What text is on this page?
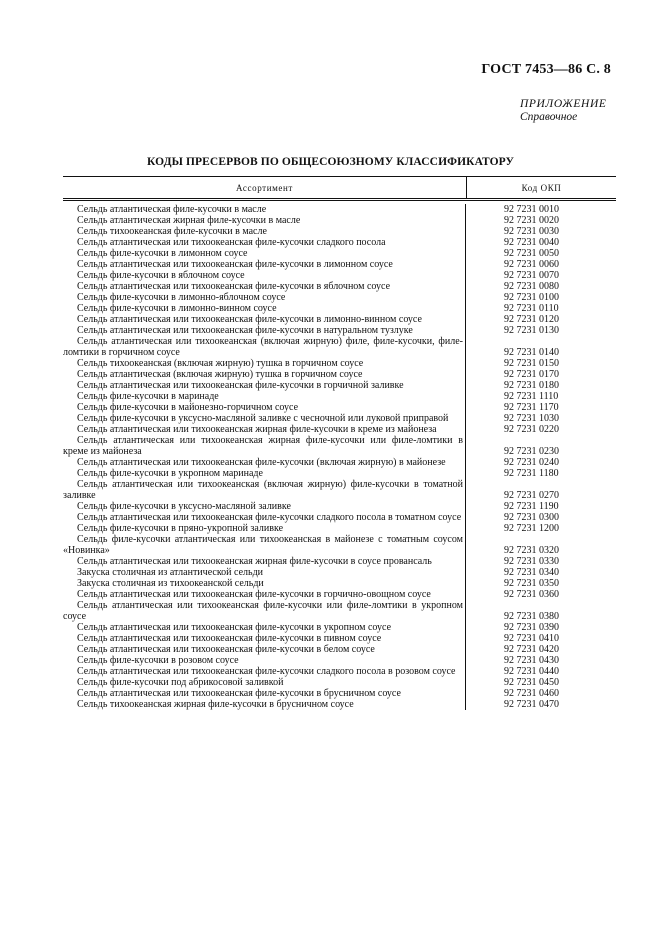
ГОСТ 7453—86 С. 8
ПРИЛОЖЕНИЕ
Справочное
КОДЫ ПРЕСЕРВОВ ПО ОБЩЕСОЮЗНОМУ КЛАССИФИКАТОРУ
Ассортимент	Код ОКП
Сельдь атлантическая филе-кусочки в масле	92 7231 0010
Сельдь атлантическая жирная филе-кусочки в масле	92 7231 0020
Сельдь тихоокеанская филе-кусочки в масле	92 7231 0030
Сельдь атлантическая или тихоокеанская филе-кусочки сладкого посола	92 7231 0040
Сельдь филе-кусочки в лимонном соусе	92 7231 0050
Сельдь атлантическая или тихоокеанская филе-кусочки в лимонном соусе	92 7231 0060
Сельдь филе-кусочки в яблочном соусе	92 7231 0070
Сельдь атлантическая или тихоокеанская филе-кусочки в яблочном соусе	92 7231 0080
Сельдь филе-кусочки в лимонно-яблочном соусе	92 7231 0100
Сельдь филе-кусочки в лимонно-винном соусе	92 7231 0110
Сельдь атлантическая или тихоокеанская филе-кусочки в лимонно-винном соусе	92 7231 0120
Сельдь атлантическая или тихоокеанская филе-кусочки в натуральном тузлуке	92 7231 0130
Сельдь атлантическая или тихоокеанская (включая жирную) филе, филе-кусочки, филе-ломтики в горчичном соусе	92 7231 0140
Сельдь тихоокеанская (включая жирную) тушка в горчичном соусе	92 7231 0150
Сельдь атлантическая (включая жирную) тушка в горчичном соусе	92 7231 0170
Сельдь атлантическая или тихоокеанская филе-кусочки в горчичной заливке	92 7231 0180
Сельдь филе-кусочки в маринаде	92 7231 1110
Сельдь филе-кусочки в майонезно-горчичном соусе	92 7231 1170
Сельдь филе-кусочки в уксусно-масляной заливке с чесночной или луковой приправой	92 7231 1030
Сельдь атлантическая или тихоокеанская жирная филе-кусочки в креме из майонеза	92 7231 0220
Сельдь атлантическая или тихоокеанская жирная филе-кусочки или филе-ломтики в креме из майонеза	92 7231 0230
Сельдь атлантическая или тихоокеанская филе-кусочки (включая жирную) в майонезе	92 7231 0240
Сельдь филе-кусочки в укропном маринаде	92 7231 1180
Сельдь атлантическая или тихоокеанская (включая жирную) филе-кусочки в томатной заливке	92 7231 0270
Сельдь филе-кусочки в уксусно-масляной заливке	92 7231 1190
Сельдь атлантическая или тихоокеанская филе-кусочки сладкого посола в томатном соусе	92 7231 0300
Сельдь филе-кусочки в пряно-укропной заливке	92 7231 1200
Сельдь филе-кусочки атлантическая или тихоокеанская в майонезе с томатным соусом «Новинка»	92 7231 0320
Сельдь атлантическая или тихоокеанская жирная филе-кусочки в соусе провансаль	92 7231 0330
Закуска столичная из атлантической сельди	92 7231 0340
Закуска столичная из тихоокеанской сельди	92 7231 0350
Сельдь атлантическая или тихоокеанская филе-кусочки в горчично-овощном соусе	92 7231 0360
Сельдь атлантическая или тихоокеанская филе-кусочки или филе-ломтики в укропном соусе	92 7231 0380
Сельдь атлантическая или тихоокеанская филе-кусочки в укропном соусе	92 7231 0390
Сельдь атлантическая или тихоокеанская филе-кусочки в пивном соусе	92 7231 0410
Сельдь атлантическая или тихоокеанская филе-кусочки в белом соусе	92 7231 0420
Сельдь филе-кусочки в розовом соусе	92 7231 0430
Сельдь атлантическая или тихоокеанская филе-кусочки сладкого посола в розовом соусе	92 7231 0440
Сельдь филе-кусочки под абрикосовой заливкой	92 7231 0450
Сельдь атлантическая или тихоокеанская филе-кусочки в брусничном соусе	92 7231 0460
Сельдь тихоокеанская жирная филе-кусочки в брусничном соусе	92 7231 0470
